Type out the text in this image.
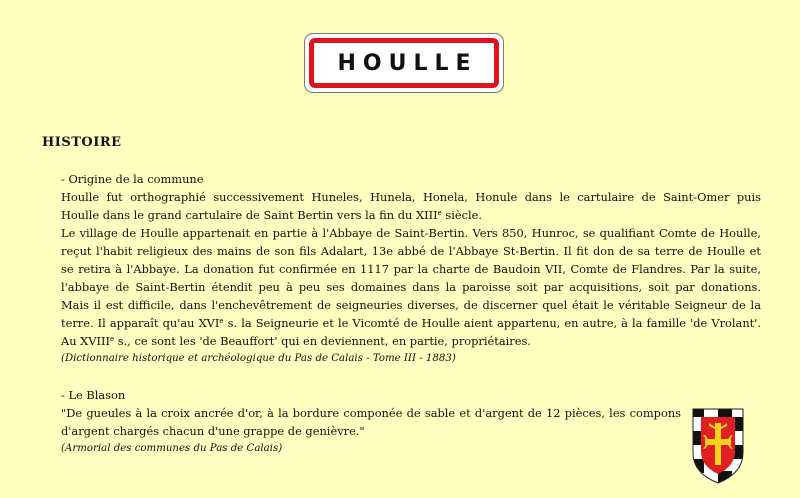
HOULLE
HISTOIRE
- Origine de la commune
Houlle fut orthographié successivement Huneles, Hunela, Honela, Honule dans le cartulaire de Saint-Omer puis
Houlle dans le grand cartulaire de Saint Bertin vers la fin du XIIIe siècle.
Le village de Houlle appartenait en partie à l'Abbaye de Saint-Bertin. Vers 850, Hunroc, se qualifiant Comte de Houlle,
reçut l'habit religieux des mains de son fils Adalart, 13e abbé de l'Abbaye St-Bertin. Il fit don de sa terre de Houlle et
se retira à l'Abbaye. La donation fut confirmée en 1117 par la charte de Baudoin VII, Comte de Flandres. Par la suite,
l'abbaye de Saint-Bertin étendit peu à peu ses domaines dans la paroisse soit par acquisitions, soit par donations.
Mais il est difficile, dans l'enchevêtrement de seigneuries diverses, de discerner quel était le véritable Seigneur de la
terre. Il apparaît qu'au XVIe s. la Seigneurie et le Vicomté de Houlle aient appartenu, en autre, à la famille 'de Vrolant'.
Au XVIIIe s., ce sont les 'de Beauffort' qui en deviennent, en partie, propriétaires.
(Dictionnaire historique et archéologique du Pas de Calais - Tome III - 1883)
- Le Blason
"De gueules à la croix ancrée d'or, à la bordure componée de sable et d'argent de 12 pièces, les compons
d'argent chargés chacun d'une grappe de genièvre."
(Armorial des communes du Pas de Calais)
